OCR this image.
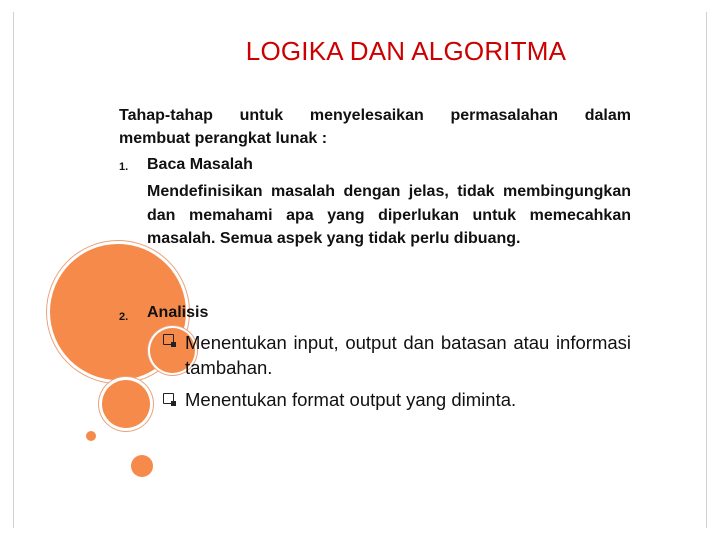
LOGIKA DAN ALGORITMA
Tahap-tahap untuk menyelesaikan permasalahan dalam
membuat perangkat lunak :
1. Baca Masalah
Mendefinisikan masalah dengan jelas, tidak membingungkan dan memahami apa yang diperlukan untuk memecahkan masalah. Semua aspek yang tidak perlu dibuang.
2. Analisis
Menentukan input, output dan batasan atau informasi tambahan.
Menentukan format output yang diminta.
